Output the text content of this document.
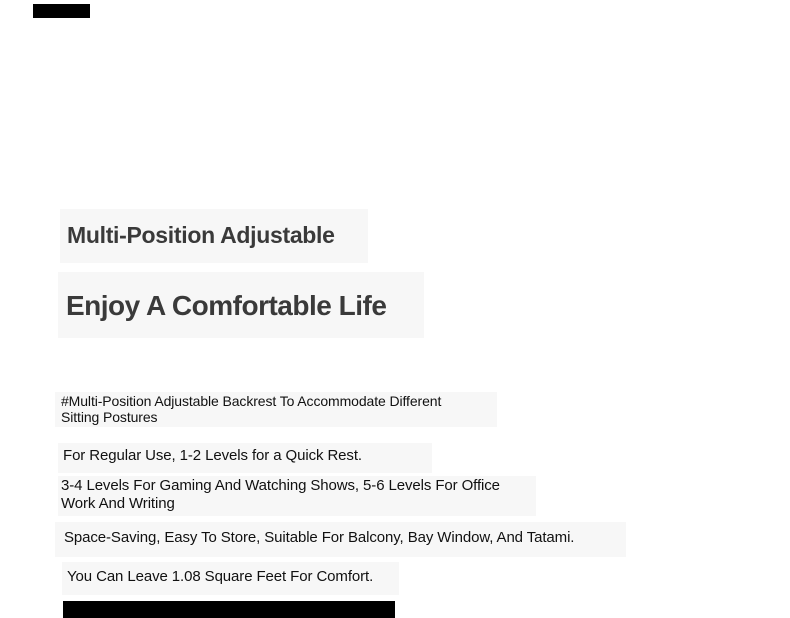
Multi-Position Adjustable
Enjoy A Comfortable Life
#Multi-Position Adjustable Backrest To Accommodate Different
Sitting Postures
For Regular Use, 1-2 Levels for a Quick Rest.
3-4 Levels For Gaming And Watching Shows, 5-6 Levels For Office
Work And Writing
Space-Saving, Easy To Store, Suitable For Balcony, Bay Window, And Tatami.
You Can Leave 1.08 Square Feet For Comfort.
